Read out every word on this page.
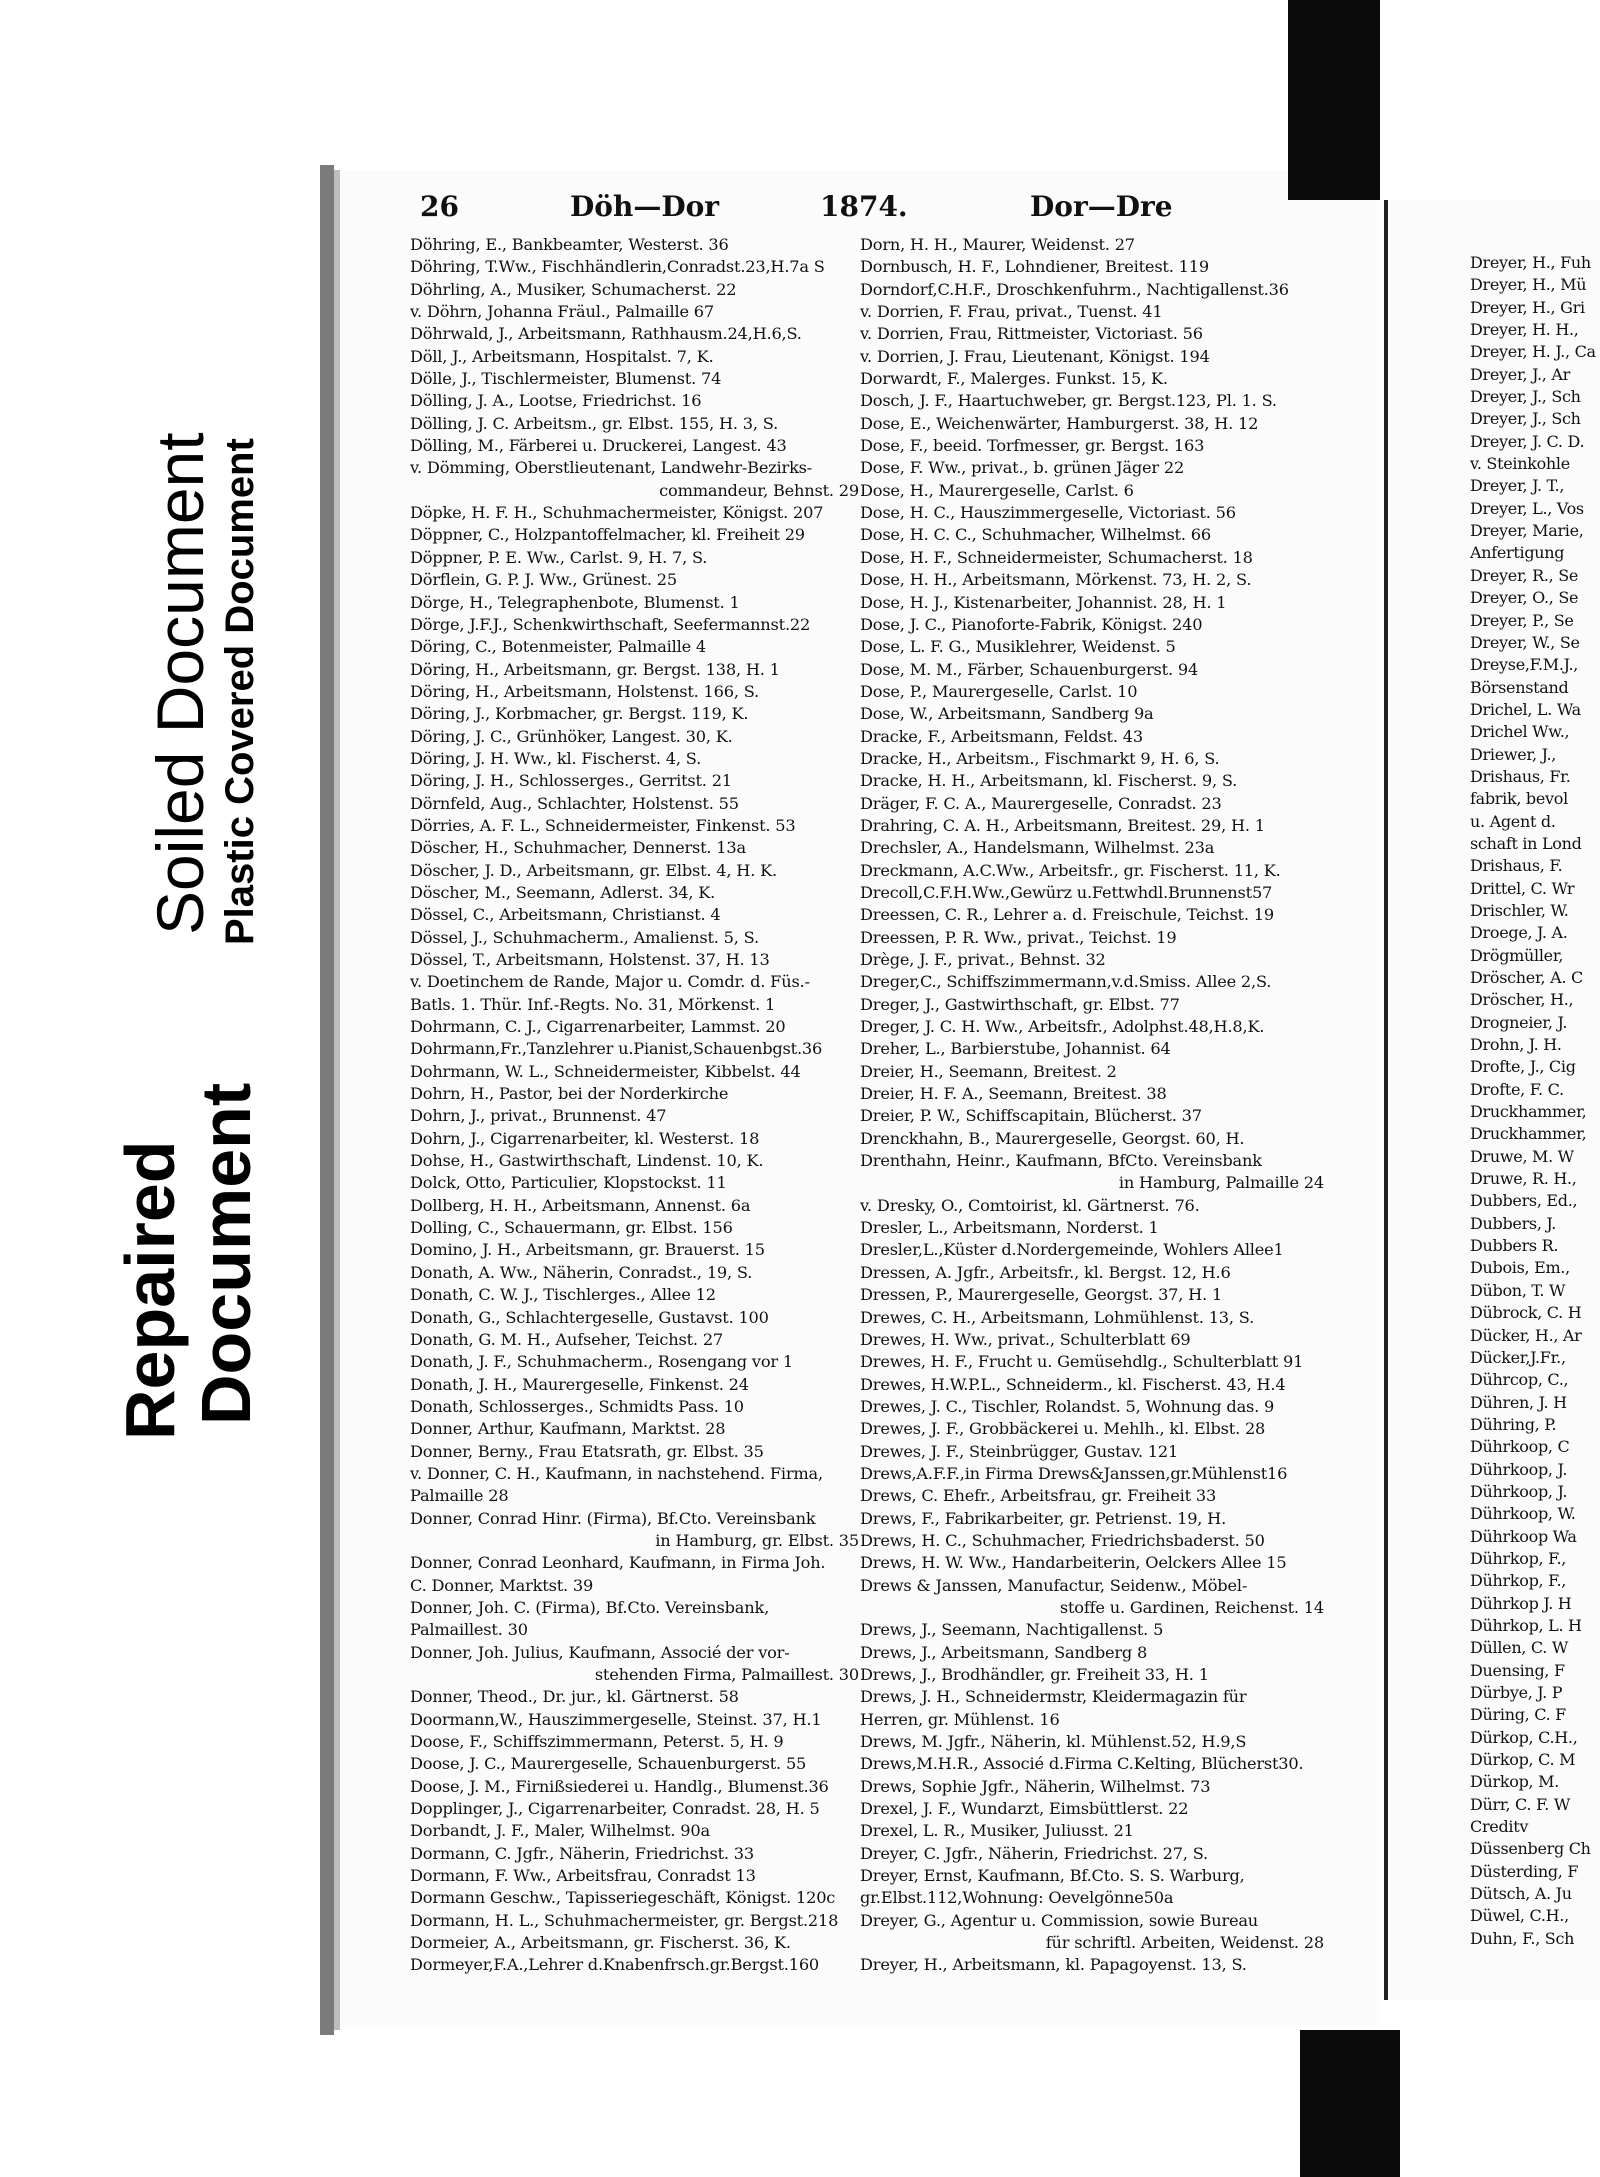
Soiled Document Plastic Covered Document
Repaired
Document
26	Döh—Dor	1874.	Dor—Dre
Döhring, E., Bankbeamter, Westerst. 36
Döhring, T.Ww., Fischhändlerin,Conradst.23,H.7a S
Döhrling, A., Musiker, Schumacherst. 22
v. Döhrn, Johanna Fräul., Palmaille 67
Döhrwald, J., Arbeitsmann, Rathhausm.24,H.6,S.
Döll, J., Arbeitsmann, Hospitalst. 7, K.
Dölle, J., Tischlermeister, Blumenst. 74
Dölling, J. A., Lootse, Friedrichst. 16
Dölling, J. C. Arbeitsm., gr. Elbst. 155, H. 3, S.
Dölling, M., Färberei u. Druckerei, Langest. 43
v. Dömming, Oberstlieutenant, Landwehr-Bezirks-
commandeur, Behnst. 29
Döpke, H. F. H., Schuhmachermeister, Königst. 207
Döppner, C., Holzpantoffelmacher, kl. Freiheit 29
Döppner, P. E. Ww., Carlst. 9, H. 7, S.
Dörflein, G. P. J. Ww., Grünest. 25
Dörge, H., Telegraphenbote, Blumenst. 1
Dörge, J.F.J., Schenkwirthschaft, Seefermannst.22
Döring, C., Botenmeister, Palmaille 4
Döring, H., Arbeitsmann, gr. Bergst. 138, H. 1
Döring, H., Arbeitsmann, Holstenst. 166, S.
Döring, J., Korbmacher, gr. Bergst. 119, K.
Döring, J. C., Grünhöker, Langest. 30, K.
Döring, J. H. Ww., kl. Fischerst. 4, S.
Döring, J. H., Schlosserges., Gerritst. 21
Dörnfeld, Aug., Schlachter, Holstenst. 55
Dörries, A. F. L., Schneidermeister, Finkenst. 53
Döscher, H., Schuhmacher, Dennerst. 13a
Döscher, J. D., Arbeitsmann, gr. Elbst. 4, H. K.
Döscher, M., Seemann, Adlerst. 34, K.
Dössel, C., Arbeitsmann, Christianst. 4
Dössel, J., Schuhmacherm., Amalienst. 5, S.
Dössel, T., Arbeitsmann, Holstenst. 37, H. 13
v. Doetinchem de Rande, Major u. Comdr. d. Füs.-
Batls. 1. Thür. Inf.-Regts. No. 31, Mörkenst. 1
Dohrmann, C. J., Cigarrenarbeiter, Lammst. 20
Dohrmann,Fr.,Tanzlehrer u.Pianist,Schauenbgst.36
Dohrmann, W. L., Schneidermeister, Kibbelst. 44
Dohrn, H., Pastor, bei der Norderkirche
Dohrn, J., privat., Brunnenst. 47
Dohrn, J., Cigarrenarbeiter, kl. Westerst. 18
Dohse, H., Gastwirthschaft, Lindenst. 10, K.
Dolck, Otto, Particulier, Klopstockst. 11
Dollberg, H. H., Arbeitsmann, Annenst. 6a
Dolling, C., Schauermann, gr. Elbst. 156
Domino, J. H., Arbeitsmann, gr. Brauerst. 15
Donath, A. Ww., Näherin, Conradst., 19, S.
Donath, C. W. J., Tischlerges., Allee 12
Donath, G., Schlachtergeselle, Gustavst. 100
Donath, G. M. H., Aufseher, Teichst. 27
Donath, J. F., Schuhmacherm., Rosengang vor 1
Donath, J. H., Maurergeselle, Finkenst. 24
Donath, Schlosserges., Schmidts Pass. 10
Donner, Arthur, Kaufmann, Marktst. 28
Donner, Berny., Frau Etatsrath, gr. Elbst. 35
v. Donner, C. H., Kaufmann, in nachstehend. Firma,
Palmaille 28
Donner, Conrad Hinr. (Firma), Bf.Cto. Vereinsbank
in Hamburg, gr. Elbst. 35
Donner, Conrad Leonhard, Kaufmann, in Firma Joh.
C. Donner, Marktst. 39
Donner, Joh. C. (Firma), Bf.Cto. Vereinsbank,
Palmaillest. 30
Donner, Joh. Julius, Kaufmann, Associé der vor-
stehenden Firma, Palmaillest. 30
Donner, Theod., Dr. jur., kl. Gärtnerst. 58
Doormann,W., Hauszimmergeselle, Steinst. 37, H.1
Doose, F., Schiffszimmermann, Peterst. 5, H. 9
Doose, J. C., Maurergeselle, Schauenburgerst. 55
Doose, J. M., Firnißsiederei u. Handlg., Blumenst.36
Dopplinger, J., Cigarrenarbeiter, Conradst. 28, H. 5
Dorbandt, J. F., Maler, Wilhelmst. 90a
Dormann, C. Jgfr., Näherin, Friedrichst. 33
Dormann, F. Ww., Arbeitsfrau, Conradst 13
Dormann Geschw., Tapisseriegeschäft, Königst. 120c
Dormann, H. L., Schuhmachermeister, gr. Bergst.218
Dormeier, A., Arbeitsmann, gr. Fischerst. 36, K.
Dormeyer,F.A.,Lehrer d.Knabenfrsch.gr.Bergst.160
Dorn, H. H., Maurer, Weidenst. 27
Dornbusch, H. F., Lohndiener, Breitest. 119
Dorndorf,C.H.F., Droschkenfuhrm., Nachtigallenst.36
v. Dorrien, F. Frau, privat., Tuenst. 41
v. Dorrien, Frau, Rittmeister, Victoriast. 56
v. Dorrien, J. Frau, Lieutenant, Königst. 194
Dorwardt, F., Malerges. Funkst. 15, K.
Dosch, J. F., Haartuchweber, gr. Bergst.123, Pl. 1. S.
Dose, E., Weichenwärter, Hamburgerst. 38, H. 12
Dose, F., beeid. Torfmesser, gr. Bergst. 163
Dose, F. Ww., privat., b. grünen Jäger 22
Dose, H., Maurergeselle, Carlst. 6
Dose, H. C., Hauszimmergeselle, Victoriast. 56
Dose, H. C. C., Schuhmacher, Wilhelmst. 66
Dose, H. F., Schneidermeister, Schumacherst. 18
Dose, H. H., Arbeitsmann, Mörkenst. 73, H. 2, S.
Dose, H. J., Kistenarbeiter, Johannist. 28, H. 1
Dose, J. C., Pianoforte-Fabrik, Königst. 240
Dose, L. F. G., Musiklehrer, Weidenst. 5
Dose, M. M., Färber, Schauenburgerst. 94
Dose, P., Maurergeselle, Carlst. 10
Dose, W., Arbeitsmann, Sandberg 9a
Dracke, F., Arbeitsmann, Feldst. 43
Dracke, H., Arbeitsm., Fischmarkt 9, H. 6, S.
Dracke, H. H., Arbeitsmann, kl. Fischerst. 9, S.
Dräger, F. C. A., Maurergeselle, Conradst. 23
Drahring, C. A. H., Arbeitsmann, Breitest. 29, H. 1
Drechsler, A., Handelsmann, Wilhelmst. 23a
Dreckmann, A.C.Ww., Arbeitsfr., gr. Fischerst. 11, K.
Drecoll,C.F.H.Ww.,Gewürz u.Fettwhdl.Brunnenst57
Dreessen, C. R., Lehrer a. d. Freischule, Teichst. 19
Dreessen, P. R. Ww., privat., Teichst. 19
Drège, J. F., privat., Behnst. 32
Dreger,C., Schiffszimmermann,v.d.Smiss. Allee 2,S.
Dreger, J., Gastwirthschaft, gr. Elbst. 77
Dreger, J. C. H. Ww., Arbeitsfr., Adolphst.48,H.8,K.
Dreher, L., Barbierstube, Johannist. 64
Dreier, H., Seemann, Breitest. 2
Dreier, H. F. A., Seemann, Breitest. 38
Dreier, P. W., Schiffscapitain, Blücherst. 37
Drenckhahn, B., Maurergeselle, Georgst. 60, H.
Drenthahn, Heinr., Kaufmann, BfCto. Vereinsbank
in Hamburg, Palmaille 24
v. Dresky, O., Comtoirist, kl. Gärtnerst. 76.
Dresler, L., Arbeitsmann, Norderst. 1
Dresler,L.,Küster d.Nordergemeinde, Wohlers Allee1
Dressen, A. Jgfr., Arbeitsfr., kl. Bergst. 12, H.6
Dressen, P., Maurergeselle, Georgst. 37, H. 1
Drewes, C. H., Arbeitsmann, Lohmühlenst. 13, S.
Drewes, H. Ww., privat., Schulterblatt 69
Drewes, H. F., Frucht u. Gemüsehdlg., Schulterblatt 91
Drewes, H.W.P.L., Schneiderm., kl. Fischerst. 43, H.4
Drewes, J. C., Tischler, Rolandst. 5, Wohnung das. 9
Drewes, J. F., Grobbäckerei u. Mehlh., kl. Elbst. 28
Drewes, J. F., Steinbrügger, Gustav. 121
Drews,A.F.F.,in Firma Drews&Janssen,gr.Mühlenst16
Drews, C. Ehefr., Arbeitsfrau, gr. Freiheit 33
Drews, F., Fabrikarbeiter, gr. Petrienst. 19, H.
Drews, H. C., Schuhmacher, Friedrichsbaderst. 50
Drews, H. W. Ww., Handarbeiterin, Oelckers Allee 15
Drews & Janssen, Manufactur, Seidenw., Möbel-
stoffe u. Gardinen, Reichenst. 14
Drews, J., Seemann, Nachtigallenst. 5
Drews, J., Arbeitsmann, Sandberg 8
Drews, J., Brodhändler, gr. Freiheit 33, H. 1
Drews, J. H., Schneidermstr, Kleidermagazin für
Herren, gr. Mühlenst. 16
Drews, M. Jgfr., Näherin, kl. Mühlenst.52, H.9,S
Drews,M.H.R., Associé d.Firma C.Kelting, Blücherst30.
Drews, Sophie Jgfr., Näherin, Wilhelmst. 73
Drexel, J. F., Wundarzt, Eimsbüttlerst. 22
Drexel, L. R., Musiker, Juliusst. 21
Dreyer, C. Jgfr., Näherin, Friedrichst. 27, S.
Dreyer, Ernst, Kaufmann, Bf.Cto. S. S. Warburg,
gr.Elbst.112,Wohnung: Oevelgönne50a
Dreyer, G., Agentur u. Commission, sowie Bureau
für schriftl. Arbeiten, Weidenst. 28
Dreyer, H., Arbeitsmann, kl. Papagoyenst. 13, S.
Dreyer, H., Fuh
Dreyer, H., Mü
Dreyer, H., Gri
Dreyer, H. H.,
Dreyer, H. J., Ca
Dreyer, J., Ar
Dreyer, J., Sch
Dreyer, J., Sch
Dreyer, J. C. D.
v. Steinkohle
Dreyer, J. T.,
Dreyer, L., Vos
Dreyer, Marie,
Anfertigung
Dreyer, R., Se
Dreyer, O., Se
Dreyer, P., Se
Dreyer, W., Se
Dreyse,F.M.J.,
Börsenstand
Drichel, L. Wa
Drichel Ww.,
Driewer, J.,
Drishaus, Fr.
fabrik, bevol
u. Agent d.
schaft in Lond
Drishaus, F.
Drittel, C. Wr
Drischler, W.
Droege, J. A.
Drögmüller,
Dröscher, A. C
Dröscher, H.,
Drogneier, J.
Drohn, J. H.
Drofte, J., Cig
Drofte, F. C.
Druckhammer,
Druckhammer,
Druwe, M. W
Druwe, R. H.,
Dubbers, Ed.,
Dubbers, J.
Dubbers R.
Dubois, Em.,
Dübon, T. W
Dübrock, C. H
Dücker, H., Ar
Dücker,J.Fr.,
Dührcop, C.,
Dühren, J. H
Dühring, P.
Dührkoop, C
Dührkoop, J.
Dührkoop, J.
Dührkoop, W.
Dührkoop Wa
Dührkop, F.,
Dührkop, F.,
Dührkop J. H
Dührkop, L. H
Düllen, C. W
Duensing, F
Dürbye, J. P
Düring, C. F
Dürkop, C.H.,
Dürkop, C. M
Dürkop, M.
Dürr, C. F. W
Creditv
Düssenberg Ch
Düsterding, F
Dütsch, A. Ju
Düwel, C.H.,
Duhn, F., Sch
